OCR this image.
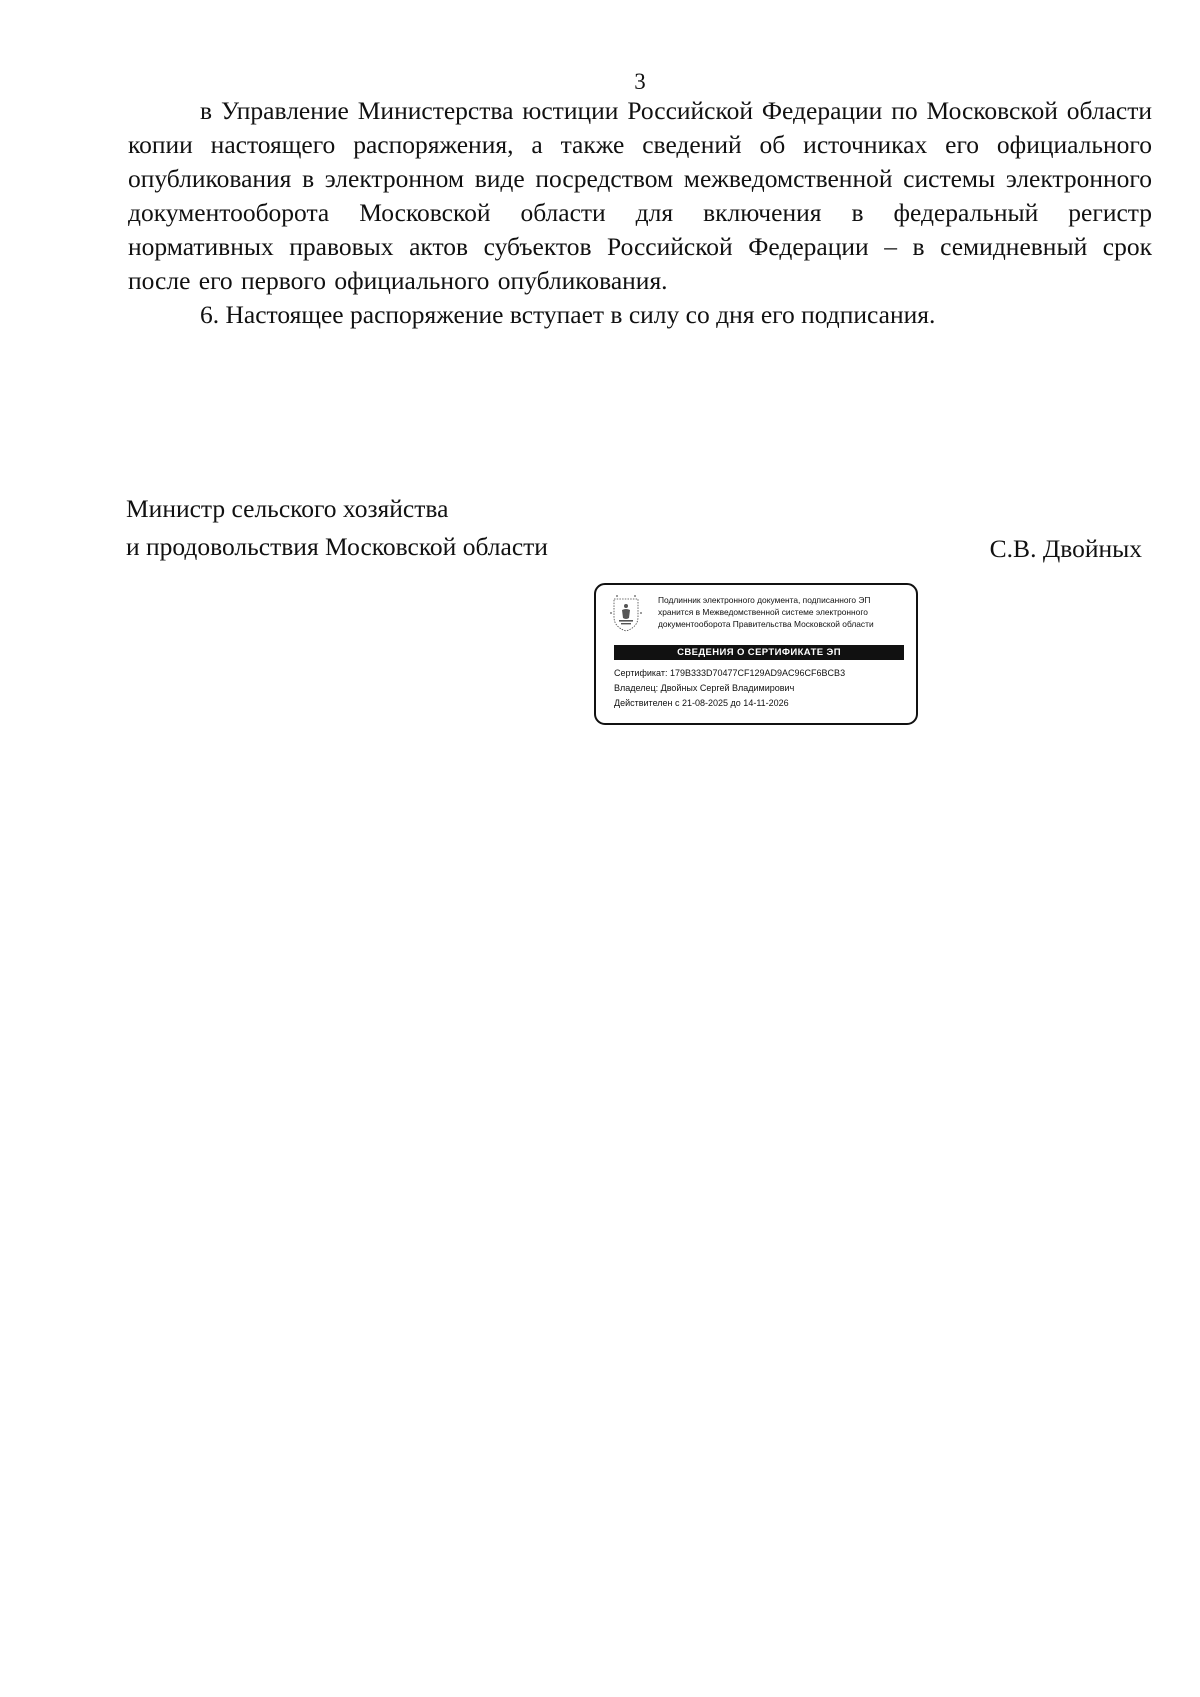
3

в Управление Министерства юстиции Российской Федерации по Московской области копии настоящего распоряжения, а также сведений об источниках его официального опубликования в электронном виде посредством межведомственной системы электронного документооборота Московской области для включения в федеральный регистр нормативных правовых актов субъектов Российской Федерации – в семидневный срок после его первого официального опубликования.

6. Настоящее распоряжение вступает в силу со дня его подписания.

Министр сельского хозяйства
и продовольствия Московской области	С.В. Двойных
Подлинник электронного документа, подписанного ЭП
хранится в Межведомственной системе электронного
документооборота Правительства Московской области
СВЕДЕНИЯ О СЕРТИФИКАТЕ ЭП
Сертификат: 179B333D70477CF129AD9AC96CF6BCB3
Владелец: Двойных Сергей Владимирович
Действителен с 21-08-2025 до 14-11-2026
